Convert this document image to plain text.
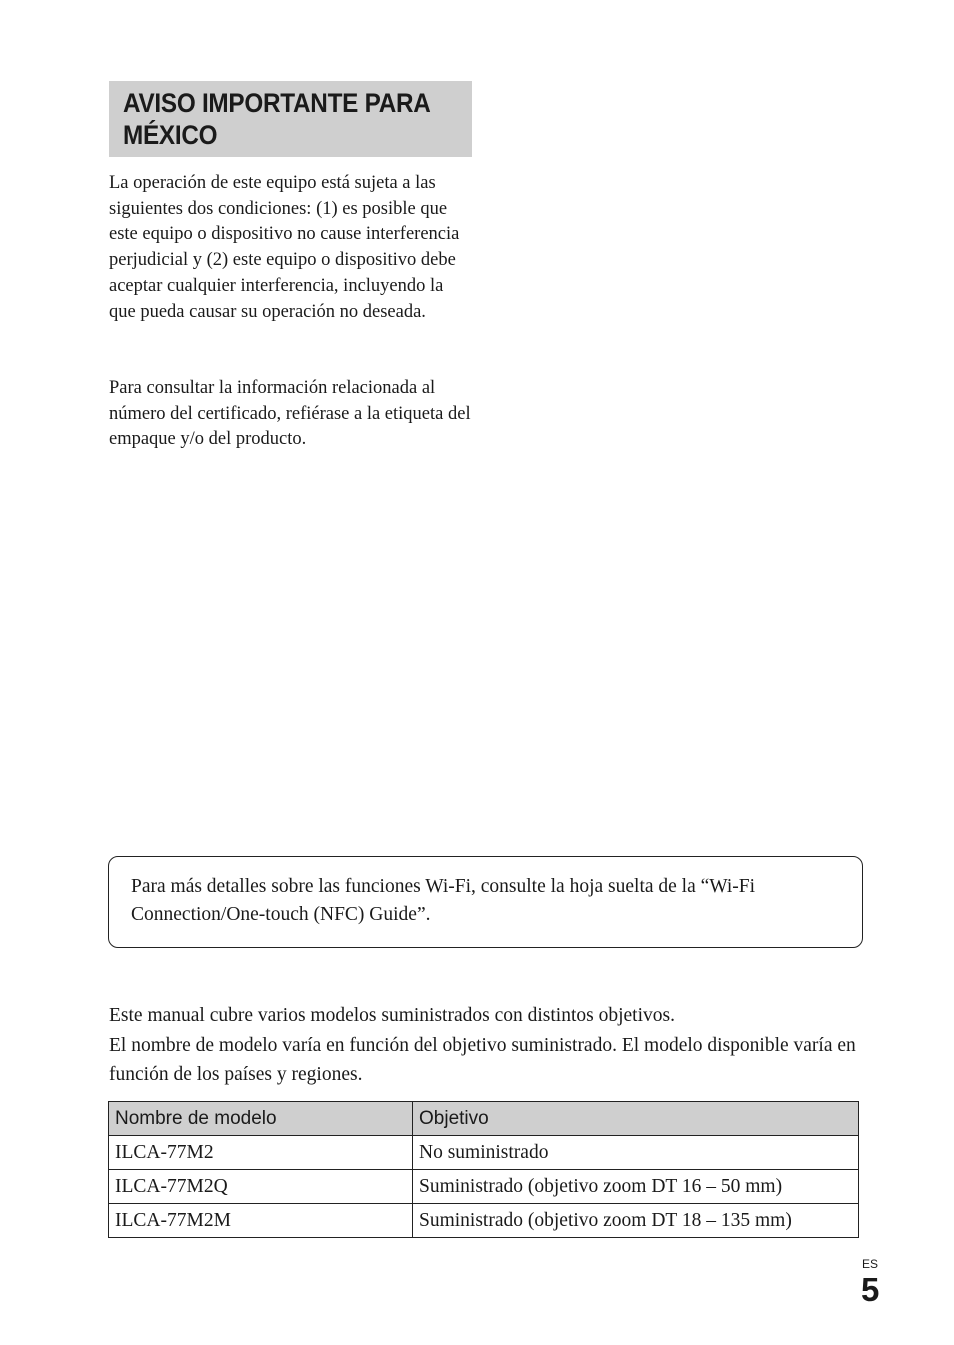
AVISO IMPORTANTE PARA
MÉXICO

La operación de este equipo está sujeta a las siguientes dos condiciones: (1) es posible que este equipo o dispositivo no cause interferencia perjudicial y (2) este equipo o dispositivo debe aceptar cualquier interferencia, incluyendo la que pueda causar su operación no deseada.

Para consultar la información relacionada al número del certificado, refiérase a la etiqueta del empaque y/o del producto.

Para más detalles sobre las funciones Wi-Fi, consulte la hoja suelta de la “Wi-Fi Connection/One-touch (NFC) Guide”.

Este manual cubre varios modelos suministrados con distintos objetivos.
El nombre de modelo varía en función del objetivo suministrado. El modelo disponible varía en función de los países y regiones.

Nombre de modelo	Objetivo
ILCA-77M2	No suministrado
ILCA-77M2Q	Suministrado (objetivo zoom DT 16 – 50 mm)
ILCA-77M2M	Suministrado (objetivo zoom DT 18 – 135 mm)
ES
5
